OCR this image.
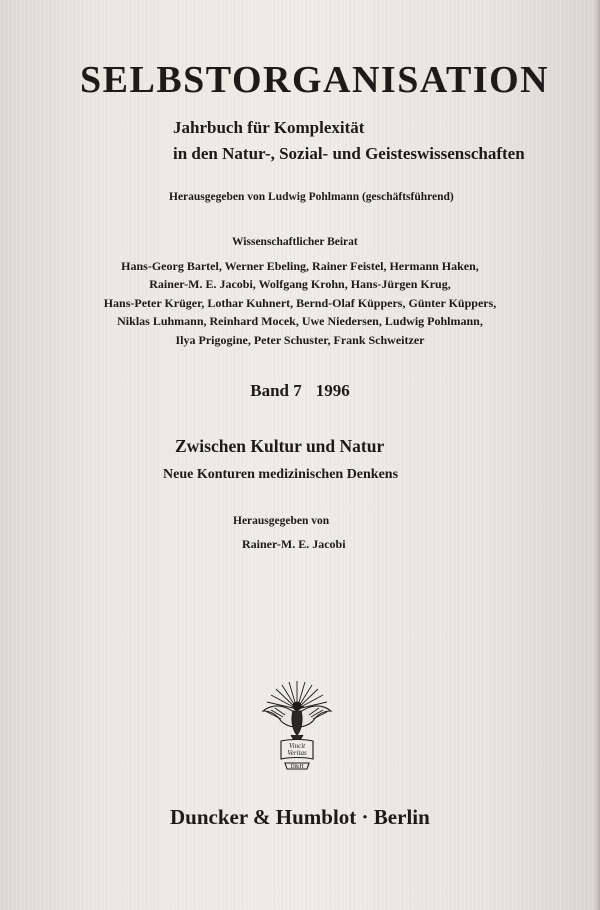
SELBSTORGANISATION
Jahrbuch für Komplexität
in den Natur-, Sozial- und Geisteswissenschaften
Herausgegeben von Ludwig Pohlmann (geschäftsführend)
Wissenschaftlicher Beirat
Hans-Georg Bartel, Werner Ebeling, Rainer Feistel, Hermann Haken,
Rainer-M. E. Jacobi, Wolfgang Krohn, Hans-Jürgen Krug,
Hans-Peter Krüger, Lothar Kuhnert, Bernd-Olaf Küppers, Günter Küppers,
Niklas Luhmann, Reinhard Mocek, Uwe Niedersen, Ludwig Pohlmann,
Ilya Prigogine, Peter Schuster, Frank Schweitzer
Band 7 1996
Zwischen Kultur und Natur
Neue Konturen medizinischen Denkens
Herausgegeben von
Rainer-M. E. Jacobi
Vincit
Veritas
D&H
Duncker & Humblot · Berlin
